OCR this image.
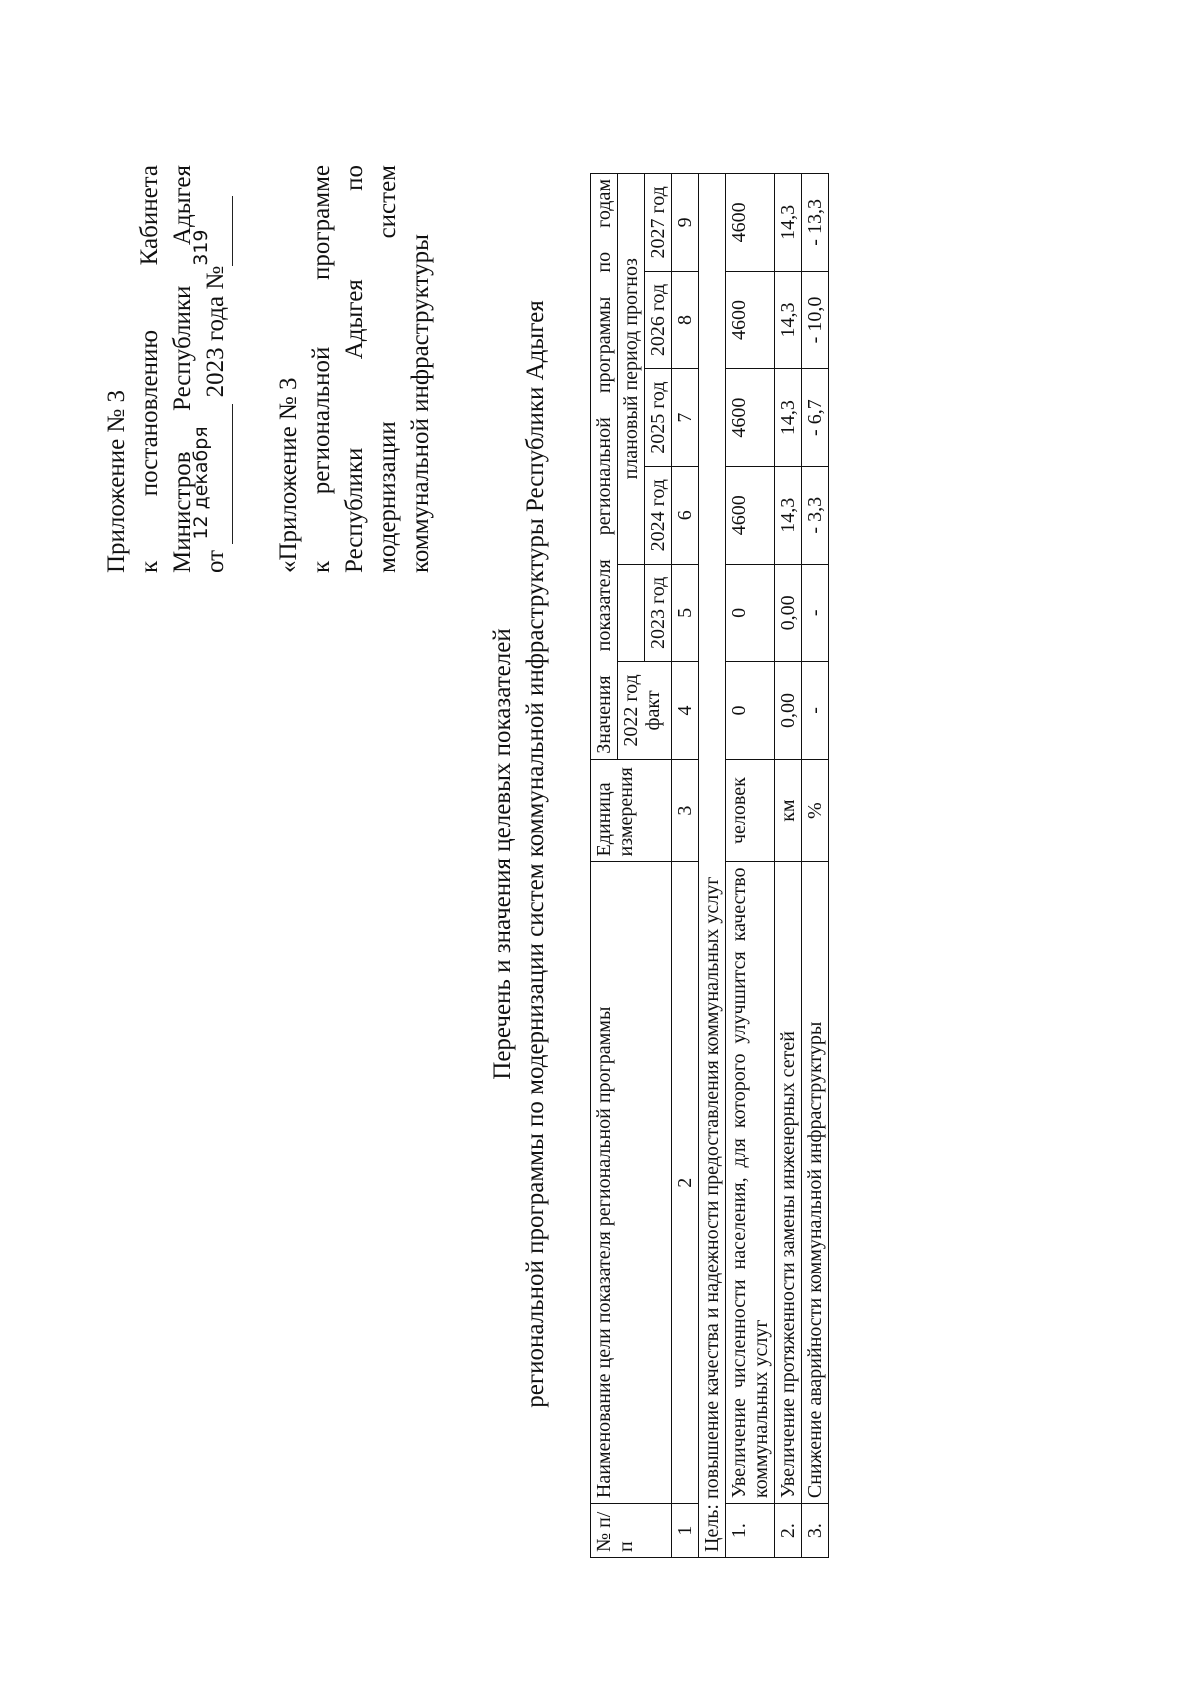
Приложение № 3 к постановлению Кабинета
Министров Республики Адыгея
от
12 декабря
2023 года №
319

«Приложение № 3 к региональной программе
Республики Адыгея по
модернизации систем
коммунальной инфраструктуры
Перечень и значения целевых показателей региональной программы по модернизации систем коммунальной инфраструктуры Республики Адыгея
№ п/п	Наименование цели показателя региональной программы	Единица измерения	Значения показателя региональной программы по годам					
			2022 год факт		плановый период прогноз			
				2023 год	2024 год	2025 год	2026 год	2027 год
1	2	3	4	5	6	7	8	9
Цель: повышение качества и надежности предоставления коммунальных услуг								
1.	Увеличение численности населения, для которого улучшится качество коммунальных услуг	человек	0	0	4600	4600	4600	4600
2.	Увеличение протяженности замены инженерных сетей	км	0,00	0,00	14,3	14,3	14,3	14,3
3.	Снижение аварийности коммунальной инфраструктуры	%	-	-	- 3,3	- 6,7	- 10,0	- 13,3
